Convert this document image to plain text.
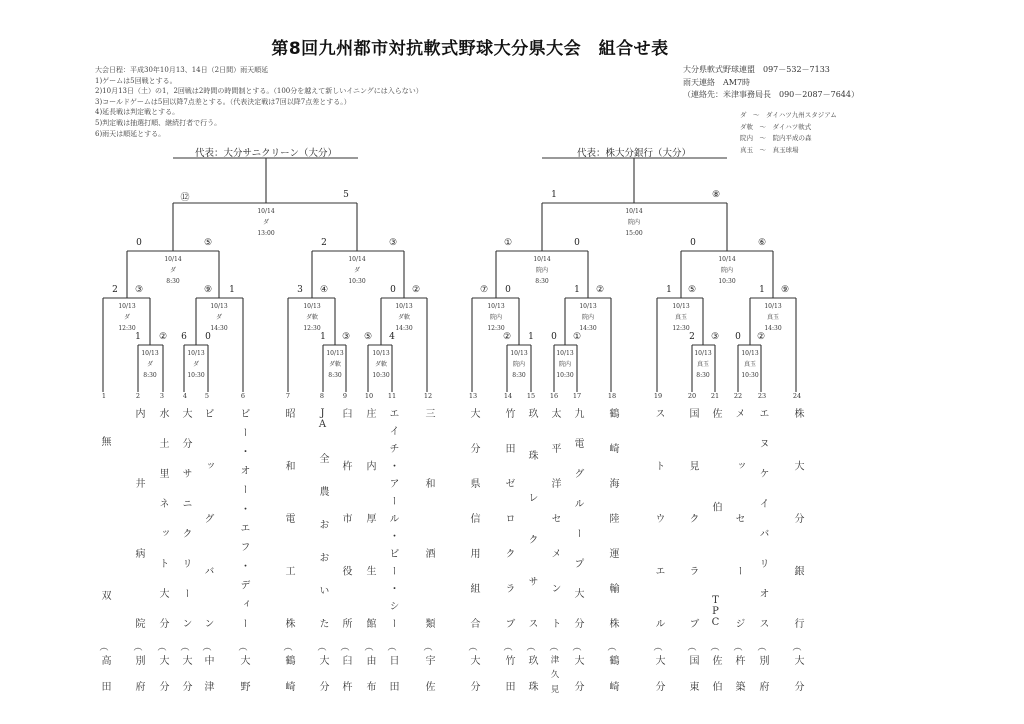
第8回九州都市対抗軟式野球大分県大会　組合せ表
大会日程：平成30年10月13、14日（2日間）雨天順延
1)ゲームは5回戦とする。
2)10月13日（土）の1，2回戦は2時間の時間制とする。（100分を越えて新しいイニングには入らない）
3)コールドゲームは5回以降7点差とする。（代表決定戦は7回以降7点差とする。）
4)延長戦は判定戦とする。
5)判定戦は抽選打順、継続打者で行う。
6)雨天は順延とする。
大分県軟式野球連盟　097－532－7133
雨天連絡　AM7時
（連絡先：米津事務局長　090－2087－7644）
ダ　～　ダイハツ九州スタジアム
ダ軟　～　ダイハツ軟式
院内　～　院内平成の森
真玉　～　真玉球場
代表：大分サニクリーン（大分）	代表：株大分銀行（大分）
10/14
ダ
13:00
⑫	5
10/14
ダ
8:30
0	⑤
10/14
ダ
10:30
2	③
10/13
ダ
12:30
2	③
10/13
ダ
14:30
⑨	1
10/13
ダ軟
12:30
3	④
10/13
ダ軟
14:30
0	②
10/13
ダ
8:30
1	②
10/13
ダ
10:30
6	0
10/13
ダ軟
8:30
1	③
10/13
ダ軟
10:30
⑤	4
10/14
院内
15:00
1	⑧
10/14
院内
8:30
①	0
10/14
院内
10:30
0	⑥
10/13
院内
12:30
⑦	0
10/13
院内
14:30
1	②
10/13
真玉
12:30
1	⑤
10/13
真玉
14:30
1	⑨
10/13
院内
8:30
②	1
10/13
院内
10:30
0	①
10/13
真玉
8:30
2	③
10/13
真玉
10:30
0	②
1
無双
︵
高田
2
内井病院
︵
別府
3
水土里ネット大分
︵
大分
4
大分サニクリーン
︵
大分
5
ビッグバン
︵
中津
6
ビー・オー・エフ・ディー
︵
大野
7
昭和電工株
︵
鶴崎
8
JA全農おおいた
︵
大分
9
臼杵市役所
︵
臼杵
10
庄内厚生館
︵
由布
11
エイチ・アール・ビー・シー
︵
日田
12
三和酒類
︵
宇佐
13
大分県信用組合
︵
大分
14
竹田ゼロクラブ
︵
竹田
15
玖珠レクサス
︵
玖珠
16
太平洋セメント
︵
津久見
17
九電グループ大分
︵
大分
18
鶴崎海陸運輸株
︵
鶴崎
19
ストウエル
︵
大分
20
国見クラブ
︵
国東
21
佐伯TPC
︵
佐伯
22
メッセージ
︵
杵築
23
エヌケイバリオス
︵
別府
24
株大分銀行
︵
大分
